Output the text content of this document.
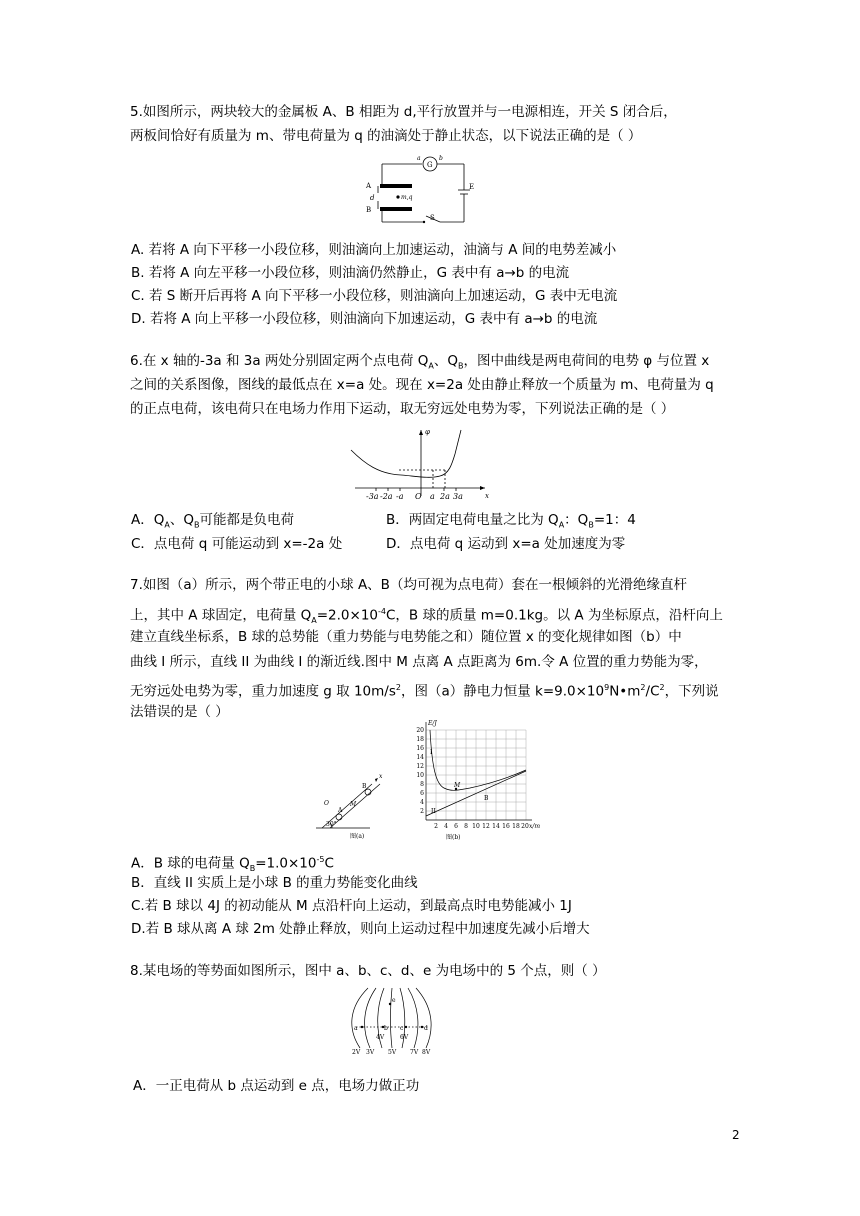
5.如图所示，两块较大的金属板 A、B 相距为 d,平行放置并与一电源相连，开关 S 闭合后，
两板间恰好有质量为 m、带电荷量为 q 的油滴处于静止状态，以下说法正确的是（ ）
G
a	b
A
B
d	m,q
E
S
A. 若将 A 向下平移一小段位移，则油滴向上加速运动，油滴与 A 间的电势差减小
B. 若将 A 向左平移一小段位移，则油滴仍然静止，G 表中有 a→b 的电流
C. 若 S 断开后再将 A 向下平移一小段位移，则油滴向上加速运动，G 表中无电流
D. 若将 A 向上平移一小段位移，则油滴向下加速运动，G 表中有 a→b 的电流
6.在 x 轴的-3a 和 3a 两处分别固定两个点电荷 $Q_A$、$Q_B$，图中曲线是两电荷间的电势 φ 与位置 x
之间的关系图像，图线的最低点在 x=a 处。现在 x=2a 处由静止释放一个质量为 m、电荷量为 q
的正点电荷，该电荷只在电场力作用下运动，取无穷远处电势为零，下列说法正确的是（ ）
φ
x
-3a -2a -a O a 2a 3a
A．$Q_A$、$Q_B$可能都是负电荷	B．两固定电荷电量之比为 $Q_A$：$Q_B=1$：4
C．点电荷 q 可能运动到 x=-2a 处	D．点电荷 q 运动到 x=a 处加速度为零
7.如图（a）所示，两个带正电的小球 A、B（均可视为点电荷）套在一根倾斜的光滑绝缘直杆
上，其中 A 球固定，电荷量 $Q_A=2.0\times 10^{-4}C$，B 球的质量 m=0.1kg。以 A 为坐标原点，沿杆向上
建立直线坐标系，B 球的总势能（重力势能与电势能之和）随位置 x 的变化规律如图（b）中
曲线 I 所示，直线 II 为曲线 I 的渐近线.图中 M 点离 A 点距离为 6m.令 A 位置的重力势能为零，
无穷远处电势为零，重力加速度 g 取 $10m/s^2$，图（a）静电力恒量 $k=9.0\times 10^9N•m^2/C^2$，下列说
法错误的是（ ）
x
B
M
A
O
30°
图(a)
E/J
x/m
I
II
M
B
20
18
16
14
12
10
8
6
4
2
2 4 6 8 10 12 14 16 18 20
图(b)
A．B 球的电荷量 $Q_B=1.0\times 10^{-5}C$
B．直线 II 实质上是小球 B 的重力势能变化曲线
C.若 B 球以 4J 的初动能从 M 点沿杆向上运动，到最高点时电势能减小 1J
D.若 B 球从离 A 球 2m 处静止释放，则向上运动过程中加速度先减小后增大
8.某电场的等势面如图所示，图中 a、b、c、d、e 为电场中的 5 个点，则（ ）
a	b c	d
e
2V 3V
4V
5V
6V
7V 8V
A．一正电荷从 b 点运动到 e 点，电场力做正功
2
